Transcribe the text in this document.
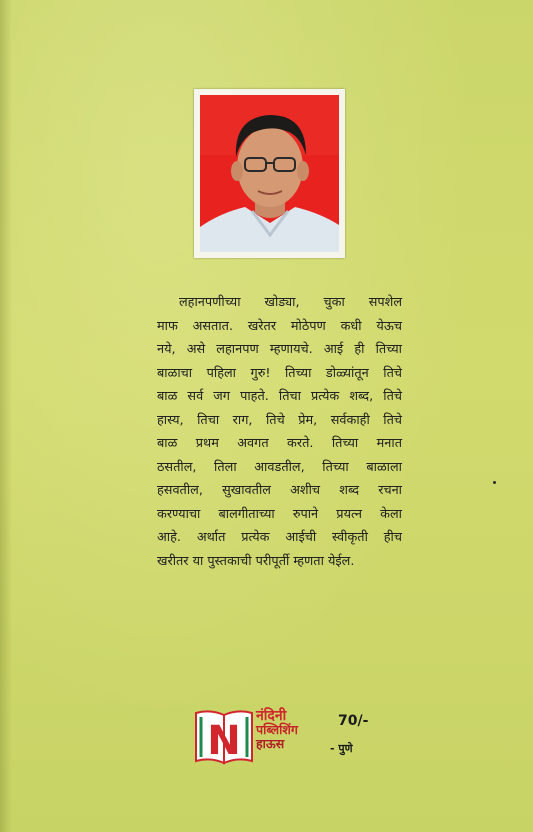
लहानपणीच्या खोड्या, चुका सपशेल
माफ असतात. खरेतर मोठेपण कधी येऊच
नये, असे लहानपण म्हणायचे. आई ही तिच्या
बाळाचा पहिला गुरु! तिच्या डोळ्यांतून तिचे
बाळ सर्व जग पाहते. तिचा प्रत्येक शब्द, तिचे
हास्य, तिचा राग, तिचे प्रेम, सर्वकाही तिचे
बाळ प्रथम अवगत करते. तिच्या मनात
ठसतील, तिला आवडतील, तिच्या बाळाला
हसवतील, सुखावतील अशीच शब्द रचना
करण्याचा बालगीताच्या रुपाने प्रयत्न केला
आहे. अर्थात प्रत्येक आईची स्वीकृती हीच
खरीतर या पुस्तकाची परीपूर्ती म्हणता येईल.
N
नंदिनी
पब्लिशिंग
हाऊस
70/-
- पुणे
